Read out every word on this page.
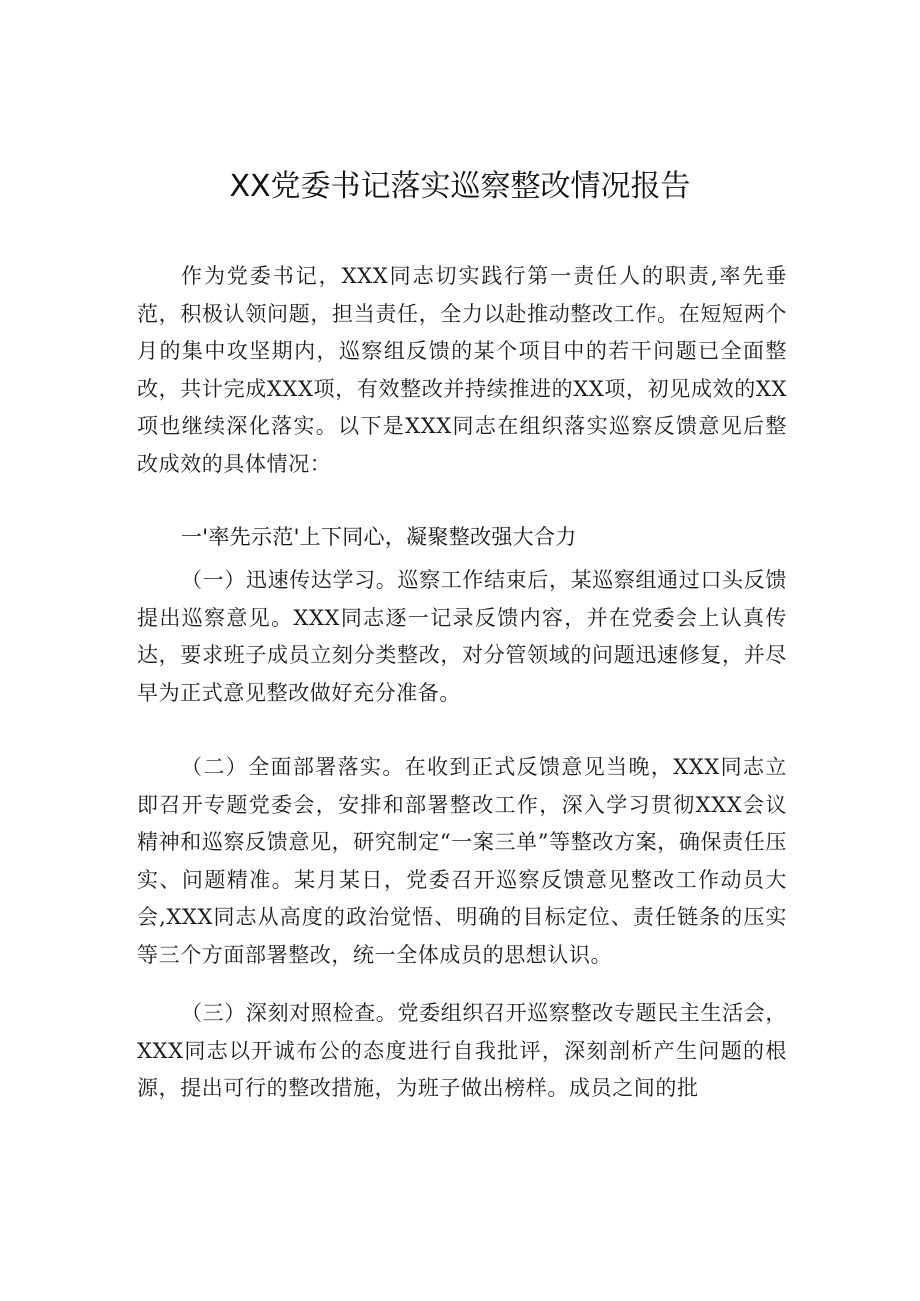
XX党委书记落实巡察整改情况报告

作为党委书记，XXX同志切实践行第一责任人的职责,率先垂范，积极认领问题，担当责任，全力以赴推动整改工作。在短短两个月的集中攻坚期内，巡察组反馈的某个项目中的若干问题已全面整改，共计完成XXX项，有效整改并持续推进的XX项，初见成效的XX项也继续深化落实。以下是XXX同志在组织落实巡察反馈意见后整改成效的具体情况：

一'率先示范'上下同心，凝聚整改强大合力

（一）迅速传达学习。巡察工作结束后，某巡察组通过口头反馈提出巡察意见。XXX同志逐一记录反馈内容，并在党委会上认真传达，要求班子成员立刻分类整改，对分管领域的问题迅速修复，并尽早为正式意见整改做好充分准备。

（二）全面部署落实。在收到正式反馈意见当晚，XXX同志立即召开专题党委会，安排和部署整改工作，深入学习贯彻XXX会议精神和巡察反馈意见，研究制定“一案三单”等整改方案，确保责任压实、问题精准。某月某日，党委召开巡察反馈意见整改工作动员大会,XXX同志从高度的政治觉悟、明确的目标定位、责任链条的压实等三个方面部署整改，统一全体成员的思想认识。

（三）深刻对照检查。党委组织召开巡察整改专题民主生活会，XXX同志以开诚布公的态度进行自我批评，深刻剖析产生问题的根源，提出可行的整改措施，为班子做出榜样。成员之间的批
